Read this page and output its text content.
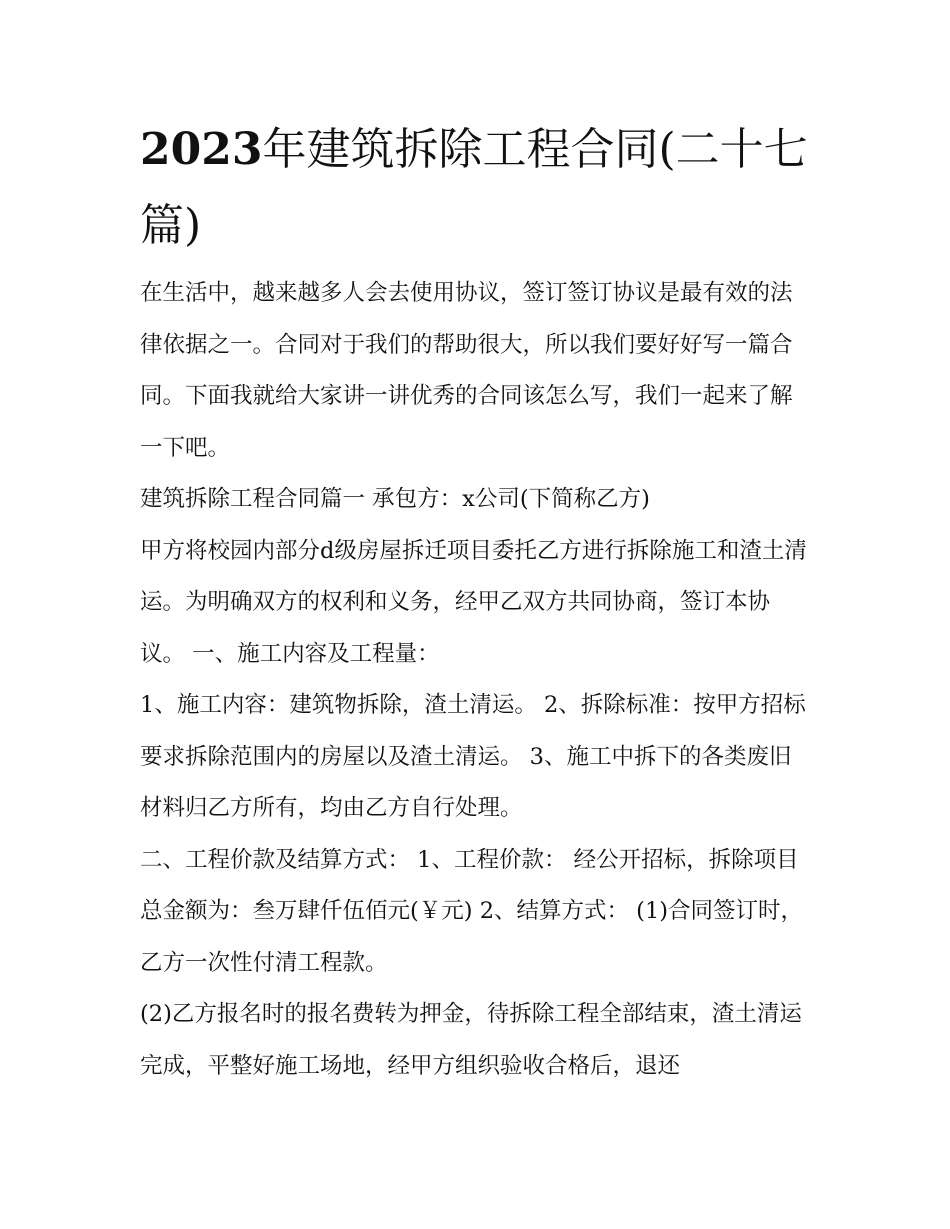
2023年建筑拆除工程合同(二十七篇)

在生活中，越来越多人会去使用协议，签订签订协议是最有效的法律依据之一。合同对于我们的帮助很大，所以我们要好好写一篇合同。下面我就给大家讲一讲优秀的合同该怎么写，我们一起来了解一下吧。

建筑拆除工程合同篇一 承包方：x公司(下简称乙方)

甲方将校园内部分d级房屋拆迁项目委托乙方进行拆除施工和渣土清运。为明确双方的权利和义务，经甲乙双方共同协商，签订本协议。 一、施工内容及工程量：

1、施工内容：建筑物拆除，渣土清运。 2、拆除标准：按甲方招标要求拆除范围内的房屋以及渣土清运。 3、施工中拆下的各类废旧材料归乙方所有，均由乙方自行处理。

二、工程价款及结算方式： 1、工程价款： 经公开招标，拆除项目总金额为：叁万肆仟伍佰元(￥元) 2、结算方式： (1)合同签订时，乙方一次性付清工程款。

(2)乙方报名时的报名费转为押金，待拆除工程全部结束，渣土清运完成，平整好施工场地，经甲方组织验收合格后，退还
